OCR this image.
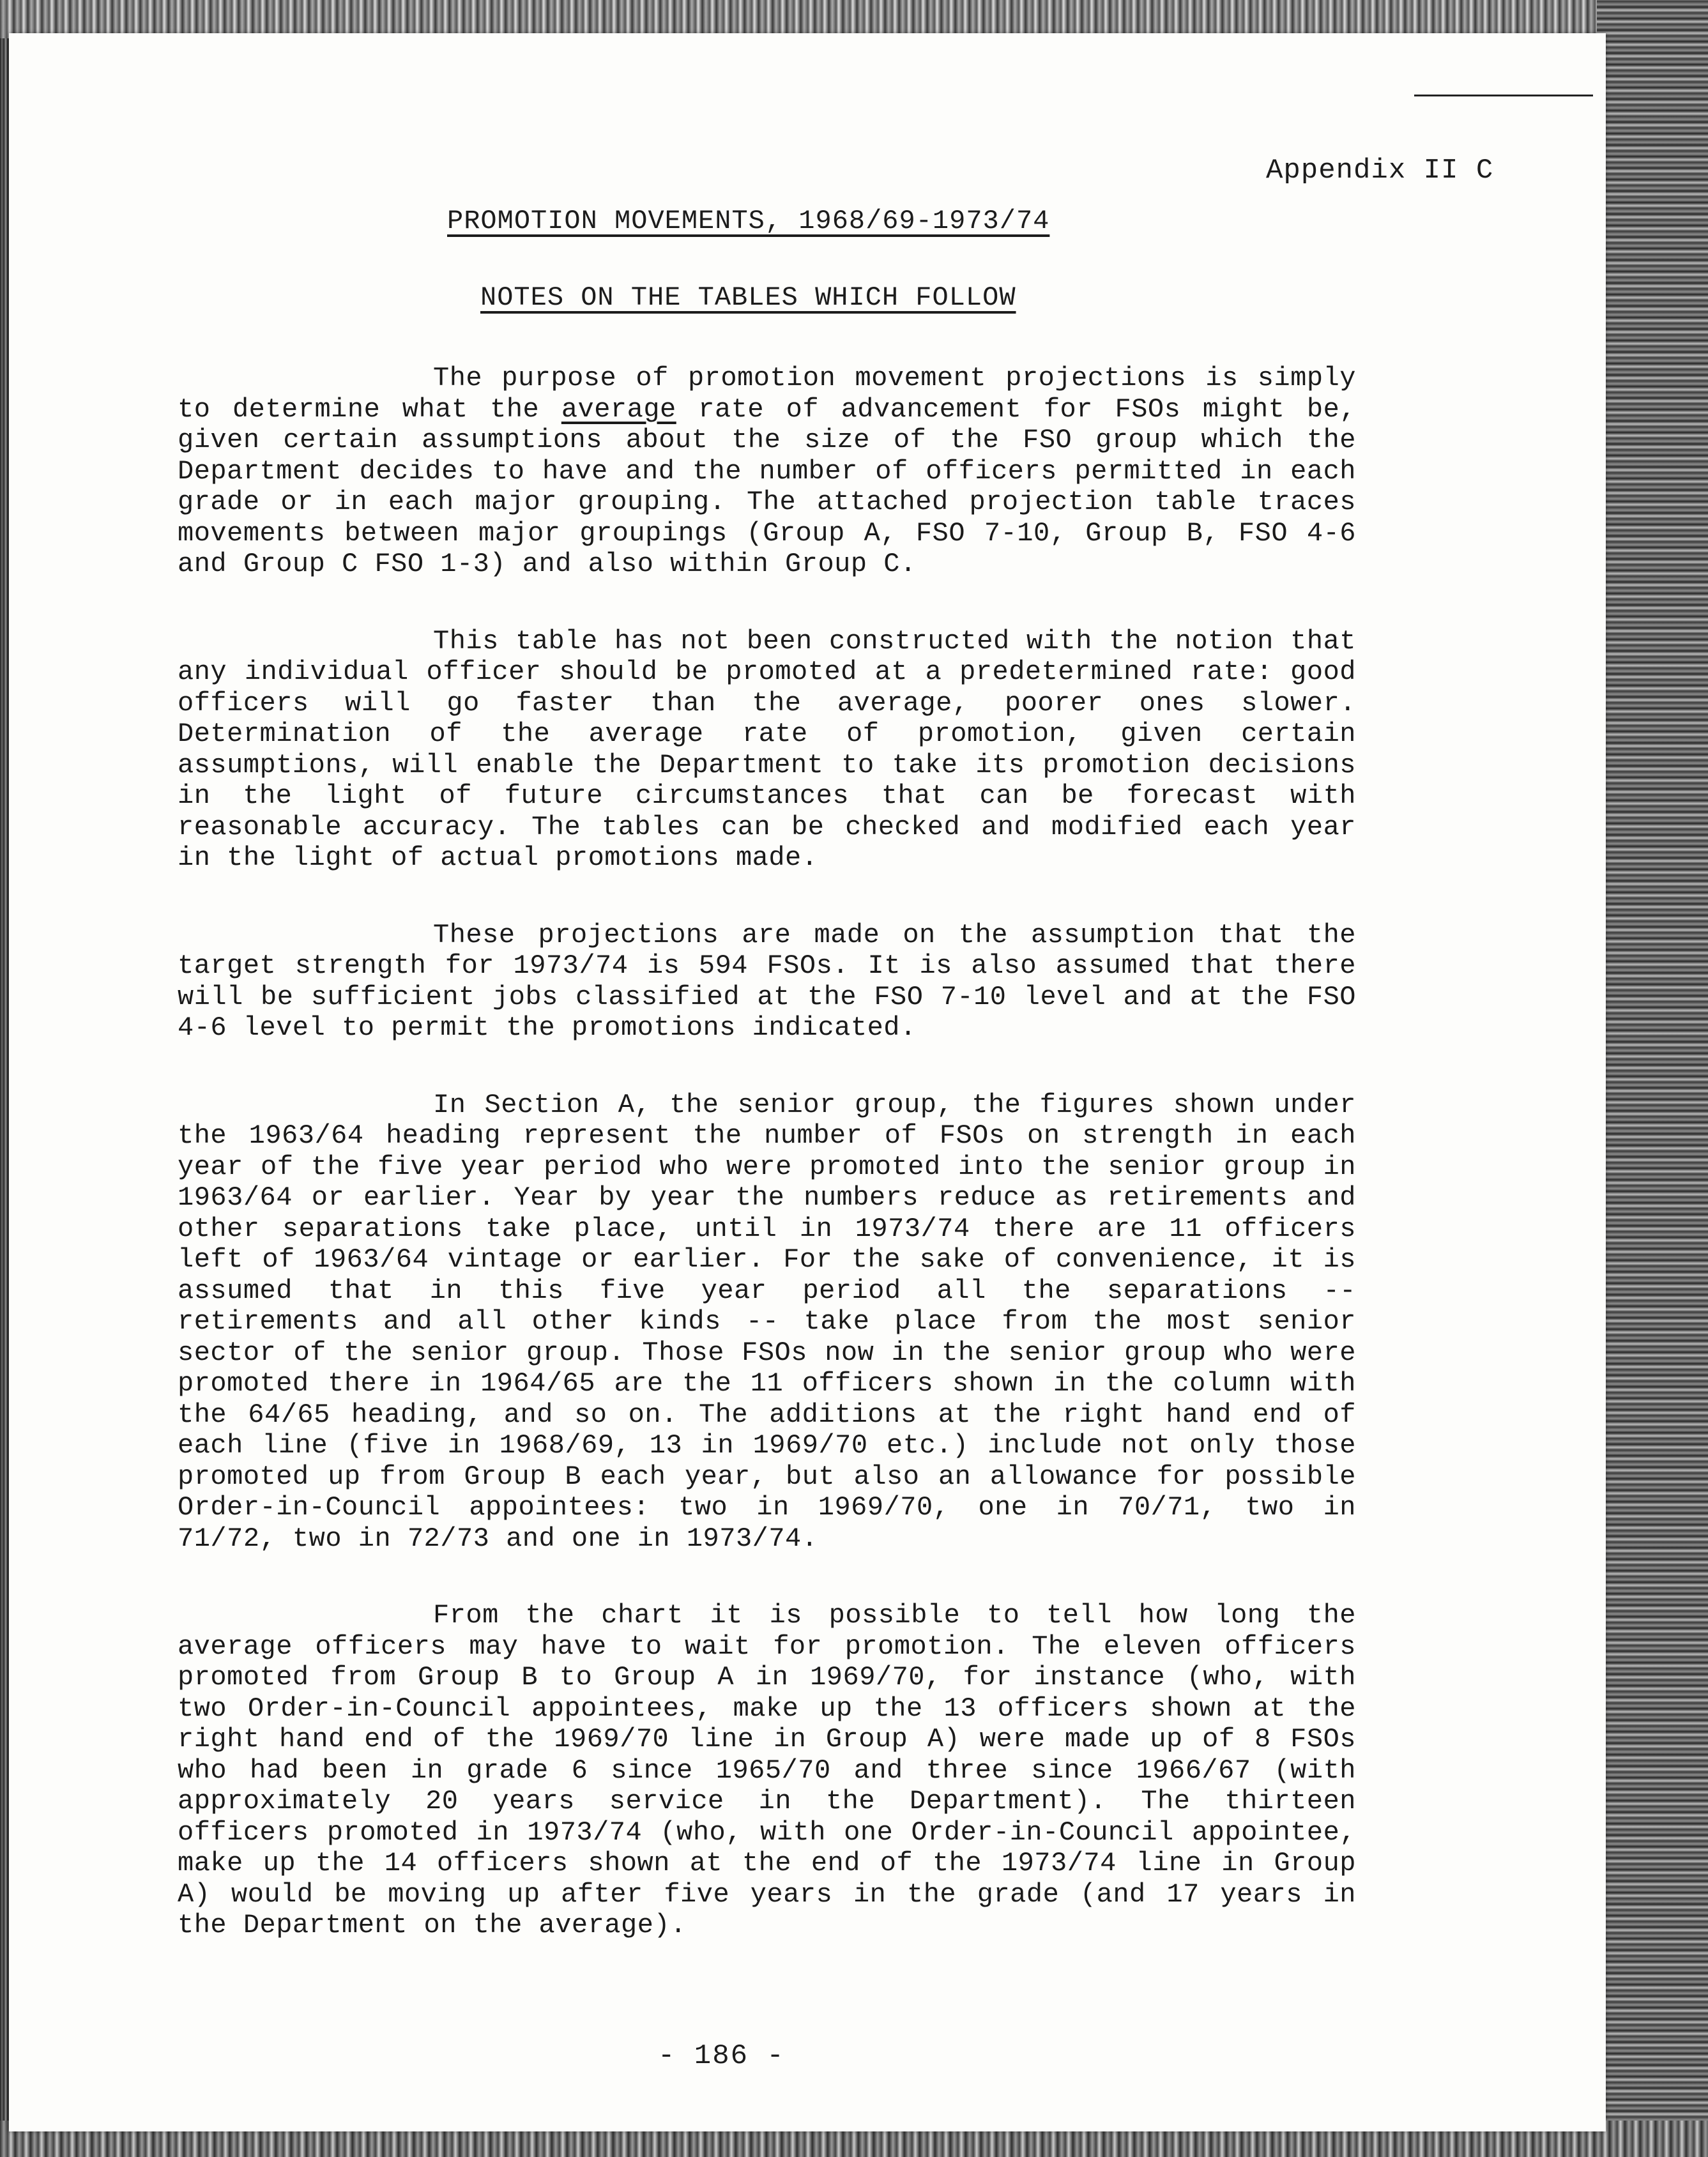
Appendix II C
PROMOTION MOVEMENTS, 1968/69-1973/74
NOTES ON THE TABLES WHICH FOLLOW

The purpose of promotion movement projections is simply to determine what the average rate of advancement for FSOs might be, given certain assumptions about the size of the FSO group which the Department decides to have and the number of officers permitted in each grade or in each major grouping. The attached projection table traces movements between major groupings (Group A, FSO 7-10, Group B, FSO 4-6 and Group C FSO 1-3) and also within Group C.

This table has not been constructed with the notion that any individual officer should be promoted at a predetermined rate: good officers will go faster than the average, poorer ones slower. Determination of the average rate of promotion, given certain assumptions, will enable the Department to take its promotion decisions in the light of future circumstances that can be forecast with reasonable accuracy. The tables can be checked and modified each year in the light of actual promotions made.

These projections are made on the assumption that the target strength for 1973/74 is 594 FSOs. It is also assumed that there will be sufficient jobs classified at the FSO 7-10 level and at the FSO 4-6 level to permit the promotions indicated.

In Section A, the senior group, the figures shown under the 1963/64 heading represent the number of FSOs on strength in each year of the five year period who were promoted into the senior group in 1963/64 or earlier. Year by year the numbers reduce as retirements and other separations take place, until in 1973/74 there are 11 officers left of 1963/64 vintage or earlier. For the sake of convenience, it is assumed that in this five year period all the separations -- retirements and all other kinds -- take place from the most senior sector of the senior group. Those FSOs now in the senior group who were promoted there in 1964/65 are the 11 officers shown in the column with the 64/65 heading, and so on. The additions at the right hand end of each line (five in 1968/69, 13 in 1969/70 etc.) include not only those promoted up from Group B each year, but also an allowance for possible Order-in-Council appointees: two in 1969/70, one in 70/71, two in 71/72, two in 72/73 and one in 1973/74.

From the chart it is possible to tell how long the average officers may have to wait for promotion. The eleven officers promoted from Group B to Group A in 1969/70, for instance (who, with two Order-in-Council appointees, make up the 13 officers shown at the right hand end of the 1969/70 line in Group A) were made up of 8 FSOs who had been in grade 6 since 1965/70 and three since 1966/67 (with approximately 20 years service in the Department). The thirteen officers promoted in 1973/74 (who, with one Order-in-Council appointee, make up the 14 officers shown at the end of the 1973/74 line in Group A) would be moving up after five years in the grade (and 17 years in the Department on the average).

- 186 -
